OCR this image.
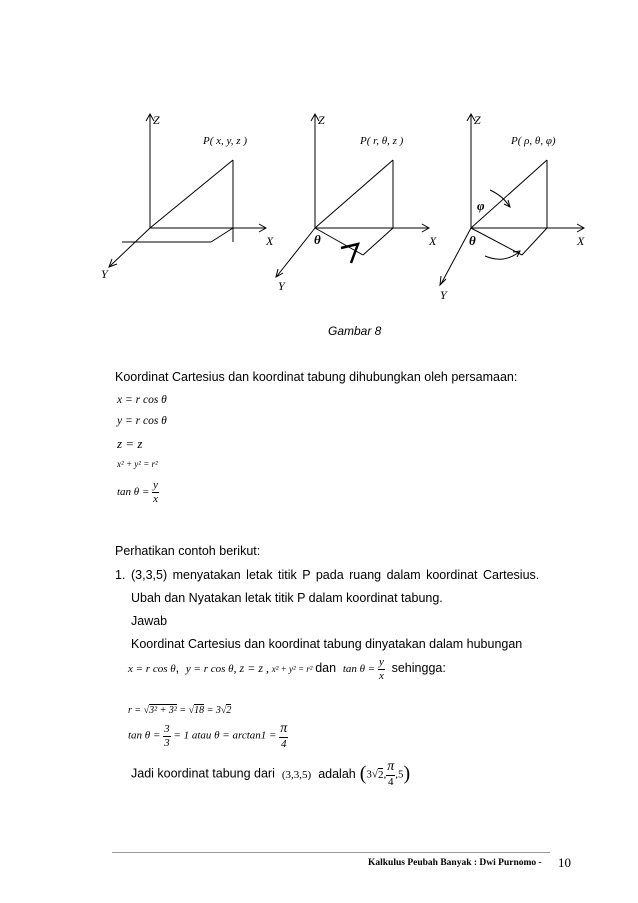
Z
X
Y
P( x, y, z )
Z
X
Y
P( r, θ, z )
θ
Z
X
Y
P( ρ, θ, φ)
φ
θ
Gambar 8
Koordinat Cartesius dan koordinat tabung dihubungkan oleh persamaan:
x = r cos θ
y = r cos θ
z = z
x² + y² = r²
$\tan \theta = \frac{y}{x}$
Perhatikan contoh berikut:
1. (3,3,5) menyatakan letak titik P pada ruang dalam koordinat Cartesius.
Ubah dan Nyatakan letak titik P dalam koordinat tabung.
Jawab
Koordinat Cartesius dan koordinat tabung dinyatakan dalam hubungan
x = r cos θ, y = r cos θ, z = z , x² + y² = r² dan $\tan \theta = \frac{y}{x}$ sehingga:
r = √3² + 3² = √18 = 3√2
$\tan \theta = \frac{3}{3} = 1$ atau $\theta = \arctan 1 = \frac{\pi}{4}$
Jadi koordinat tabung dari (3,3,5) adalah (3√2, $\frac{\pi}{4} ,5$)
Kalkulus Peubah Banyak : Dwi Purnomo - 10
